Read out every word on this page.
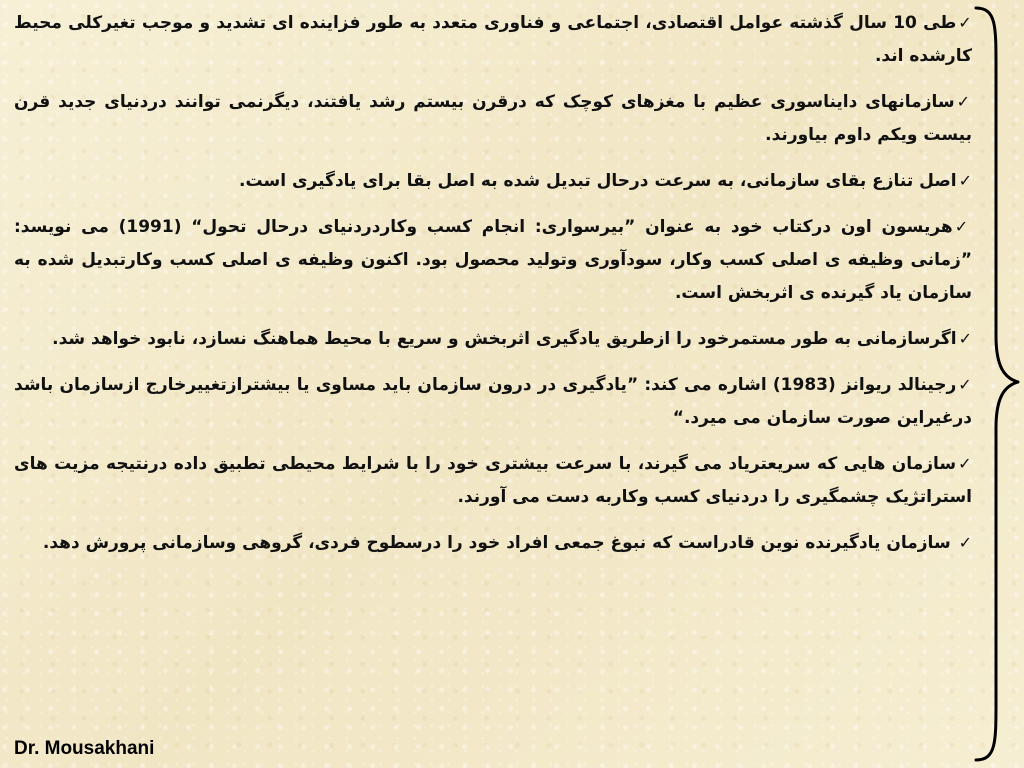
✓طی 10 سال گذشته عوامل اقتصادی، اجتماعی و فناوری متعدد به طور فزاینده ای تشدید و موجب تغیرکلی محیط کارشده اند.

✓سازمانهای دایناسوری عظیم با مغزهای کوچک که درقرن بیستم رشد یافتند، دیگرنمی توانند دردنیای جدید قرن بیست ویکم داوم بیاورند.

✓اصل تنازع بقای سازمانی، به سرعت درحال تبدیل شده به اصل بقا برای یادگیری است.

✓هریسون اون درکتاب خود به عنوان ”بیرسواری: انجام کسب وکاردردنیای درحال تحول“ (1991) می نویسد: ”زمانی وظیفه ی اصلی کسب وکار، سودآوری وتولید محصول بود. اکنون وظیفه ی اصلی کسب وکارتبدیل شده به سازمان یاد گیرنده ی اثربخش است.

✓اگرسازمانی به طور مستمرخود را ازطریق یادگیری اثربخش و سریع با محیط هماهنگ نسازد، نابود خواهد شد.

✓رجینالد ریوانز (1983) اشاره می کند: ”یادگیری در درون سازمان باید مساوی یا بیشترازتغییرخارج ازسازمان باشد درغیراین صورت سازمان می میرد.“

✓سازمان هایی که سریعتریاد می گیرند، با سرعت بیشتری خود را با شرایط محیطی تطبیق داده درنتیجه مزیت های استراتژیک چشمگیری را دردنیای کسب وکاربه دست می آورند.

✓ سازمان یادگیرنده نوین قادراست که نبوغ جمعی افراد خود را درسطوح فردی، گروهی وسازمانی پرورش دهد.

Dr. Mousakhani
